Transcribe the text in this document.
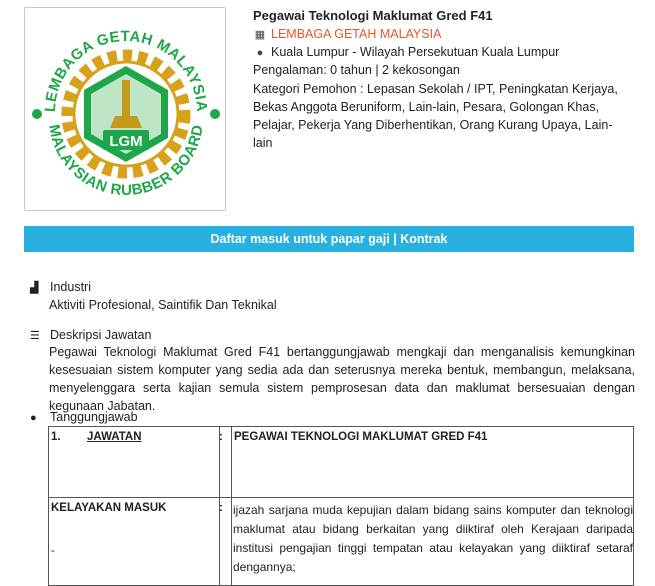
LGM
LEMBAGA GETAH MALAYSIA
MALAYSIAN RUBBER BOARD
Pegawai Teknologi Maklumat Gred F41
▦ LEMBAGA GETAH MALAYSIA
● Kuala Lumpur - Wilayah Persekutuan Kuala Lumpur
Pengalaman: 0 tahun | 2 kekosongan
Kategori Pemohon : Lepasan Sekolah / IPT, Peningkatan Kerjaya, Bekas Anggota Beruniform, Lain-lain, Pesara, Golongan Khas, Pelajar, Pekerja Yang Diberhentikan, Orang Kurang Upaya, Lain-lain
Daftar masuk untuk papar gaji | Kontrak
▟ Industri
Aktiviti Profesional, Saintifik Dan Teknikal
☰ Deskripsi Jawatan
Pegawai Teknologi Maklumat Gred F41 bertanggungjawab mengkaji dan menganalisis kemungkinan kesesuaian sistem komputer yang sedia ada dan seterusnya mereka bentuk, membangun, melaksana, menyelenggara serta kajian semula sistem pemprosesan data dan maklumat bersesuaian dengan kegunaan Jabatan.
● Tanggungjawab
1. JAWATAN	: PEGAWAI TEKNOLOGI MAKLUMAT GRED F41
KELAYAKAN MASUK	:
-
ijazah sarjana muda kepujian dalam bidang sains komputer dan teknologi maklumat atau bidang berkaitan yang diiktiraf oleh Kerajaan daripada institusi pengajian tinggi tempatan atau kelayakan yang diiktiraf setaraf dengannya;
